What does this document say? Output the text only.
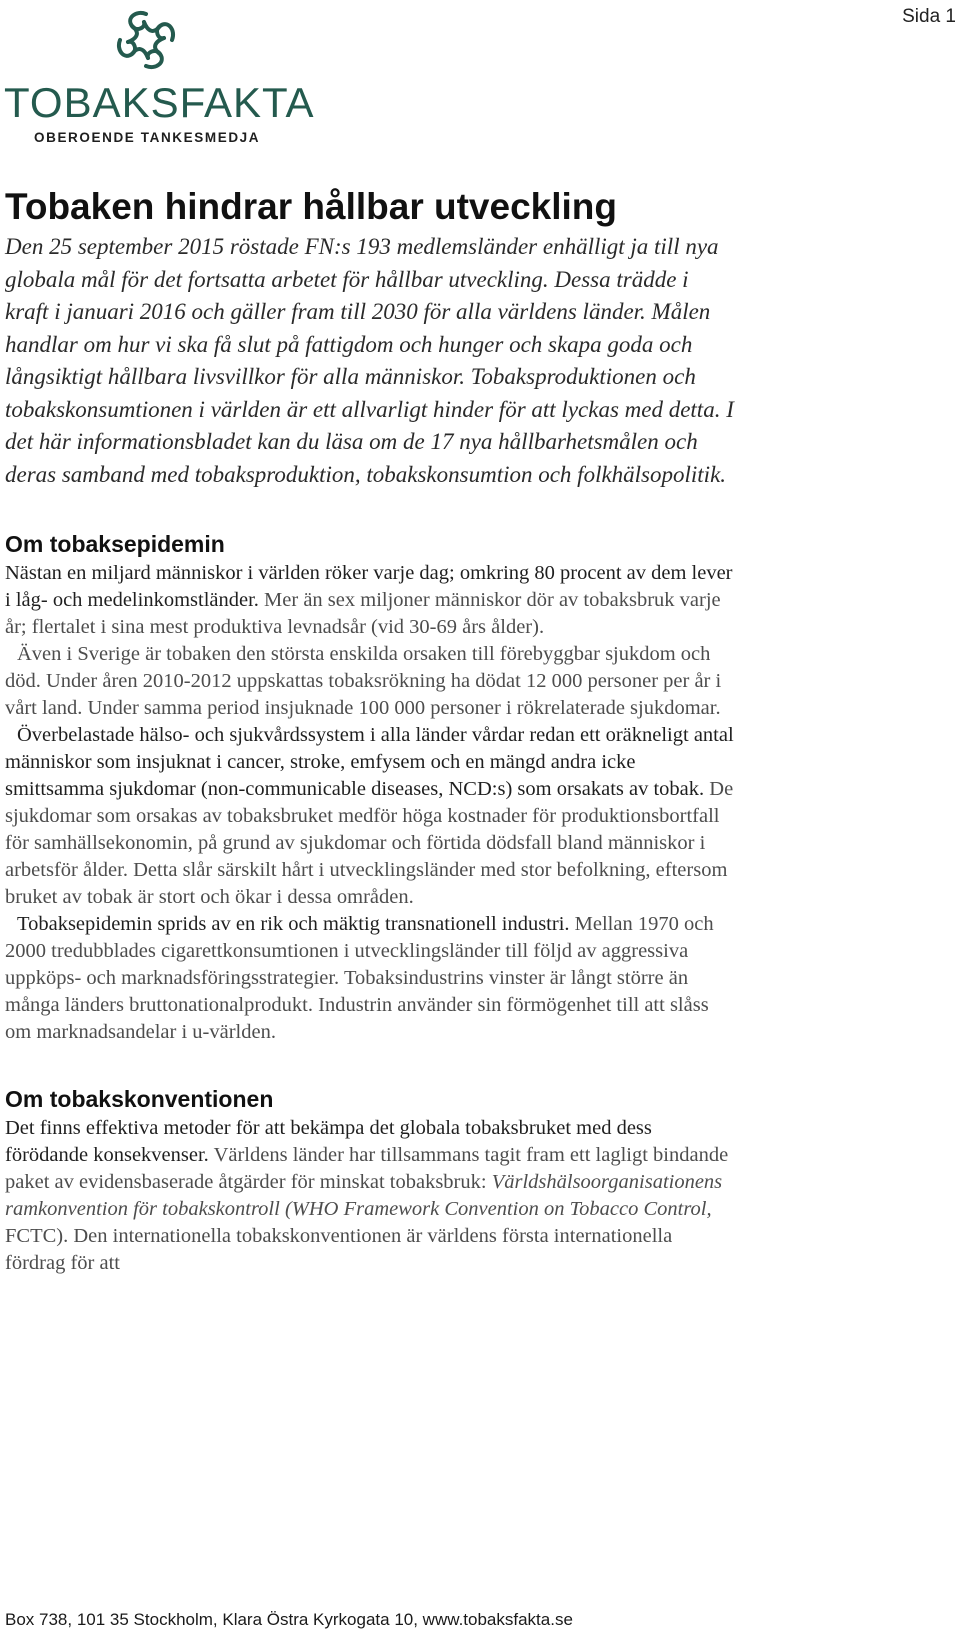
Sida 1
TOBAKSFAKTA
OBEROENDE TANKESMEDJA
Tobaken hindrar hållbar utveckling

Den 25 september 2015 röstade FN:s 193 medlemsländer enhälligt ja till nya globala mål för det fortsatta arbetet för hållbar utveckling. Dessa trädde i kraft i januari 2016 och gäller fram till 2030 för alla världens länder. Målen handlar om hur vi ska få slut på fattigdom och hunger och skapa goda och långsiktigt hållbara livsvillkor för alla människor. Tobaksproduktionen och tobakskonsumtionen i världen är ett allvarligt hinder för att lyckas med detta. I det här informationsbladet kan du läsa om de 17 nya hållbarhetsmålen och deras samband med tobaksproduktion, tobakskonsumtion och folkhälsopolitik.

Om tobaksepidemin

Nästan en miljard människor i världen röker varje dag; omkring 80 procent av dem lever i låg- och medelinkomstländer. Mer än sex miljoner människor dör av tobaksbruk varje år; flertalet i sina mest produktiva levnadsår (vid 30-69 års ålder).

Även i Sverige är tobaken den största enskilda orsaken till förebyggbar sjukdom och död. Under åren 2010-2012 uppskattas tobaksrökning ha dödat 12 000 personer per år i vårt land. Under samma period insjuknade 100 000 personer i rökrelaterade sjukdomar.

Överbelastade hälso- och sjukvårdssystem i alla länder vårdar redan ett oräkneligt antal människor som insjuknat i cancer, stroke, emfysem och en mängd andra icke smittsamma sjukdomar (non-communicable diseases, NCD:s) som orsakats av tobak. De sjukdomar som orsakas av tobaksbruket medför höga kostnader för produktionsbortfall för samhällsekonomin, på grund av sjukdomar och förtida dödsfall bland människor i arbetsför ålder. Detta slår särskilt hårt i utvecklingsländer med stor befolkning, eftersom bruket av tobak är stort och ökar i dessa områden.

Tobaksepidemin sprids av en rik och mäktig transnationell industri. Mellan 1970 och 2000 tredubblades cigarettkonsumtionen i utvecklingsländer till följd av aggressiva uppköps- och marknadsföringsstrategier. Tobaksindustrins vinster är långt större än många länders bruttonationalprodukt. Industrin använder sin förmögenhet till att slåss om marknadsandelar i u-världen.

Om tobakskonventionen

Det finns effektiva metoder för att bekämpa det globala tobaksbruket med dess förödande konsekvenser. Världens länder har tillsammans tagit fram ett lagligt bindande paket av evidensbaserade åtgärder för minskat tobaksbruk: Världshälsoorganisationens ramkonvention för tobakskontroll (WHO Framework Convention on Tobacco Control, FCTC). Den internationella tobakskonventionen är världens första internationella fördrag för att

Box 738, 101 35 Stockholm, Klara Östra Kyrkogata 10, www.tobaksfakta.se
